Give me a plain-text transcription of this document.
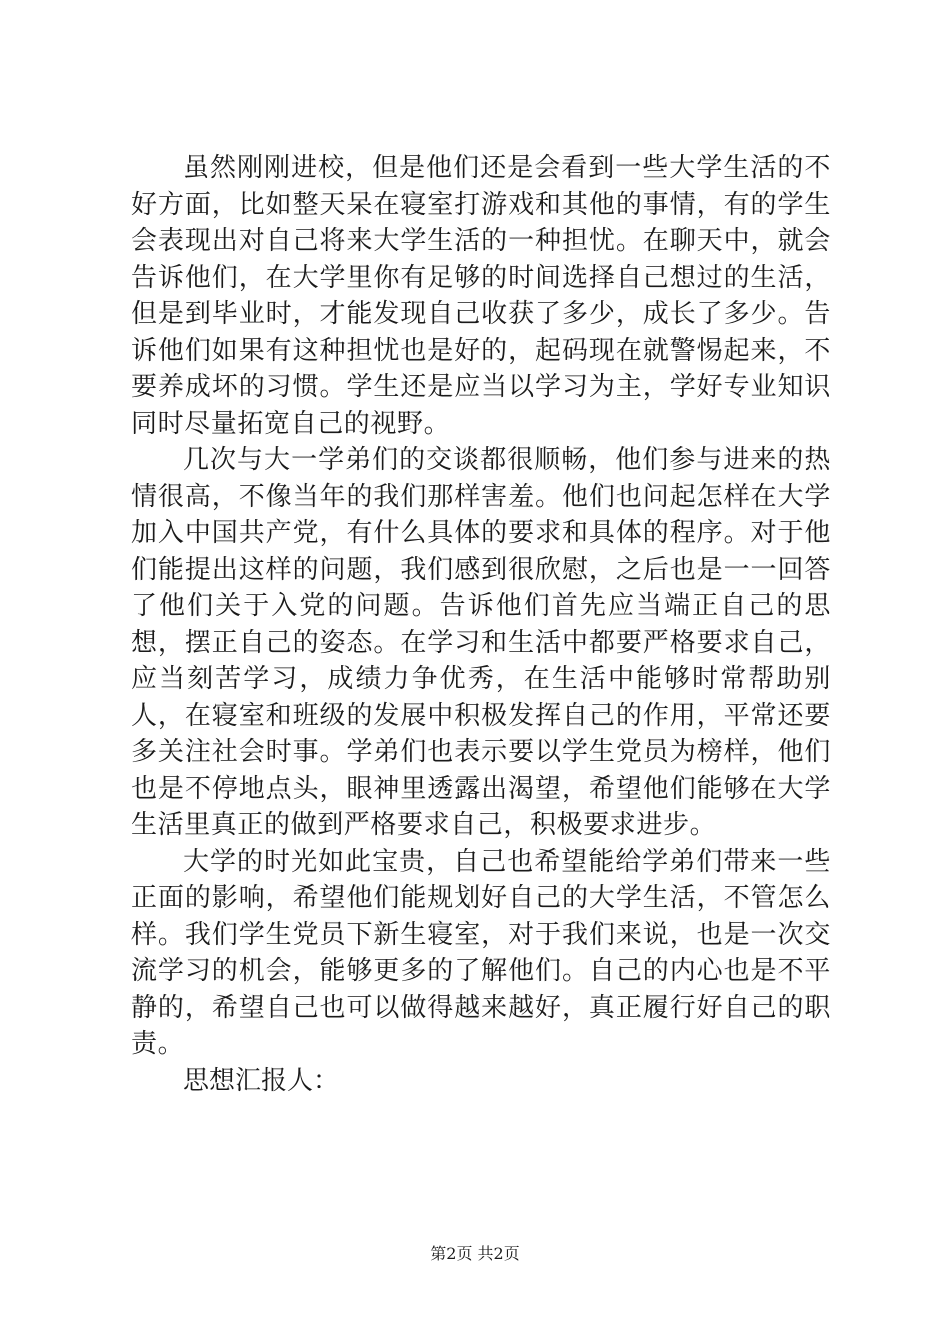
虽然刚刚进校，但是他们还是会看到一些大学生活的不好方面，比如整天呆在寝室打游戏和其他的事情，有的学生会表现出对自己将来大学生活的一种担忧。在聊天中，就会告诉他们，在大学里你有足够的时间选择自己想过的生活，但是到毕业时，才能发现自己收获了多少，成长了多少。告诉他们如果有这种担忧也是好的，起码现在就警惕起来，不要养成坏的习惯。学生还是应当以学习为主，学好专业知识同时尽量拓宽自己的视野。

几次与大一学弟们的交谈都很顺畅，他们参与进来的热情很高，不像当年的我们那样害羞。他们也问起怎样在大学加入中国共产党，有什么具体的要求和具体的程序。对于他们能提出这样的问题，我们感到很欣慰，之后也是一一回答了他们关于入党的问题。告诉他们首先应当端正自己的思想，摆正自己的姿态。在学习和生活中都要严格要求自己，应当刻苦学习，成绩力争优秀，在生活中能够时常帮助别人，在寝室和班级的发展中积极发挥自己的作用，平常还要多关注社会时事。学弟们也表示要以学生党员为榜样，他们也是不停地点头，眼神里透露出渴望，希望他们能够在大学生活里真正的做到严格要求自己，积极要求进步。

大学的时光如此宝贵，自己也希望能给学弟们带来一些正面的影响，希望他们能规划好自己的大学生活，不管怎么样。我们学生党员下新生寝室，对于我们来说，也是一次交流学习的机会，能够更多的了解他们。自己的内心也是不平静的，希望自己也可以做得越来越好，真正履行好自己的职责。

思想汇报人：

第2页 共2页
